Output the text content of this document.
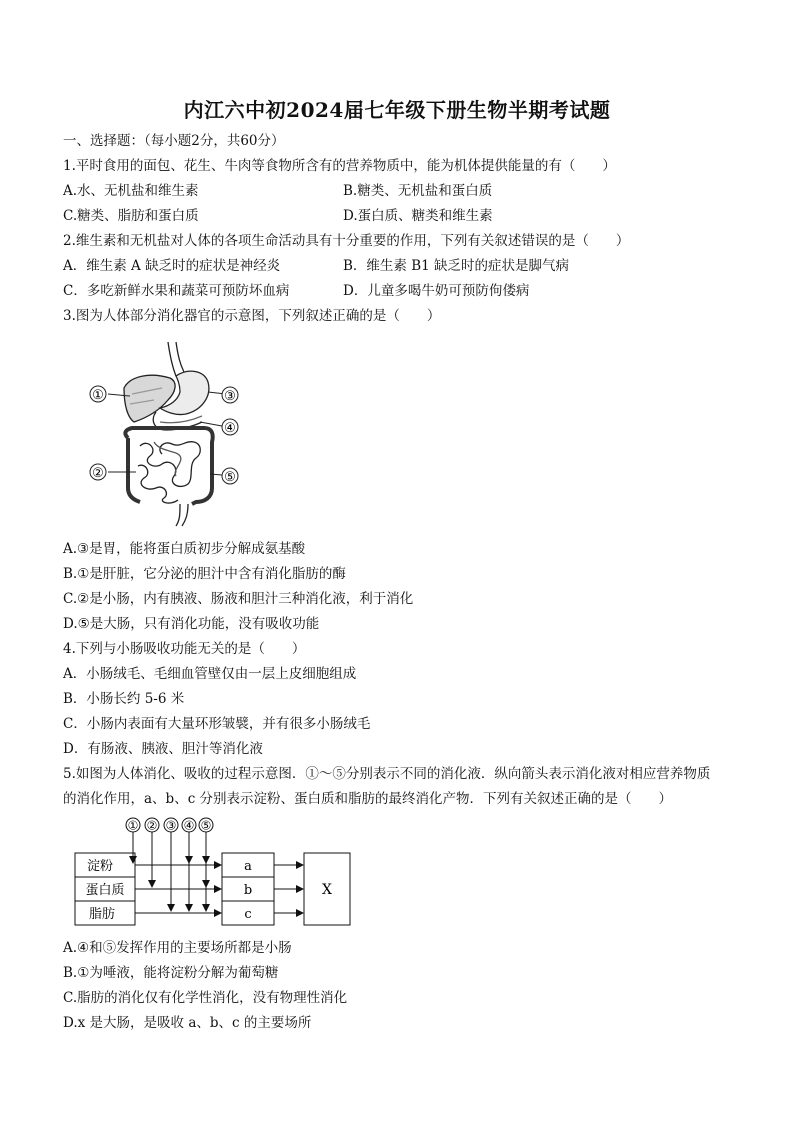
内江六中初2024届七年级下册生物半期考试题
一、选择题：（每小题2分，共60分）
1.平时食用的面包、花生、牛肉等食物所含有的营养物质中，能为机体提供能量的有（　　）
A.水、无机盐和维生素	B.糖类、无机盐和蛋白质
C.糖类、脂肪和蛋白质	D.蛋白质、糖类和维生素
2.维生素和无机盐对人体的各项生命活动具有十分重要的作用，下列有关叙述错误的是（　　）
A．维生素 A 缺乏时的症状是神经炎	B．维生素 B1 缺乏时的症状是脚气病
C．多吃新鲜水果和蔬菜可预防坏血病	D．儿童多喝牛奶可预防佝偻病
3.图为人体部分消化器官的示意图，下列叙述正确的是（　　）
①
②
③
④
⑤
A.③是胃，能将蛋白质初步分解成氨基酸
B.①是肝脏，它分泌的胆汁中含有消化脂肪的酶
C.②是小肠，内有胰液、肠液和胆汁三种消化液，利于消化
D.⑤是大肠，只有消化功能，没有吸收功能
4.下列与小肠吸收功能无关的是（　　）
A．小肠绒毛、毛细血管壁仅由一层上皮细胞组成
B．小肠长约 5-6 米
C．小肠内表面有大量环形皱襞，并有很多小肠绒毛
D．有肠液、胰液、胆汁等消化液
5.如图为人体消化、吸收的过程示意图．①～⑤分别表示不同的消化液．纵向箭头表示消化液对相应营养物质
的消化作用，a、b、c 分别表示淀粉、蛋白质和脂肪的最终消化产物．下列有关叙述正确的是（　　）
① ② ③ ④ ⑤
淀粉
蛋白质
脂肪
a
b
c
X
A.④和⑤发挥作用的主要场所都是小肠
B.①为唾液，能将淀粉分解为葡萄糖
C.脂肪的消化仅有化学性消化，没有物理性消化
D.x 是大肠，是吸收 a、b、c 的主要场所
